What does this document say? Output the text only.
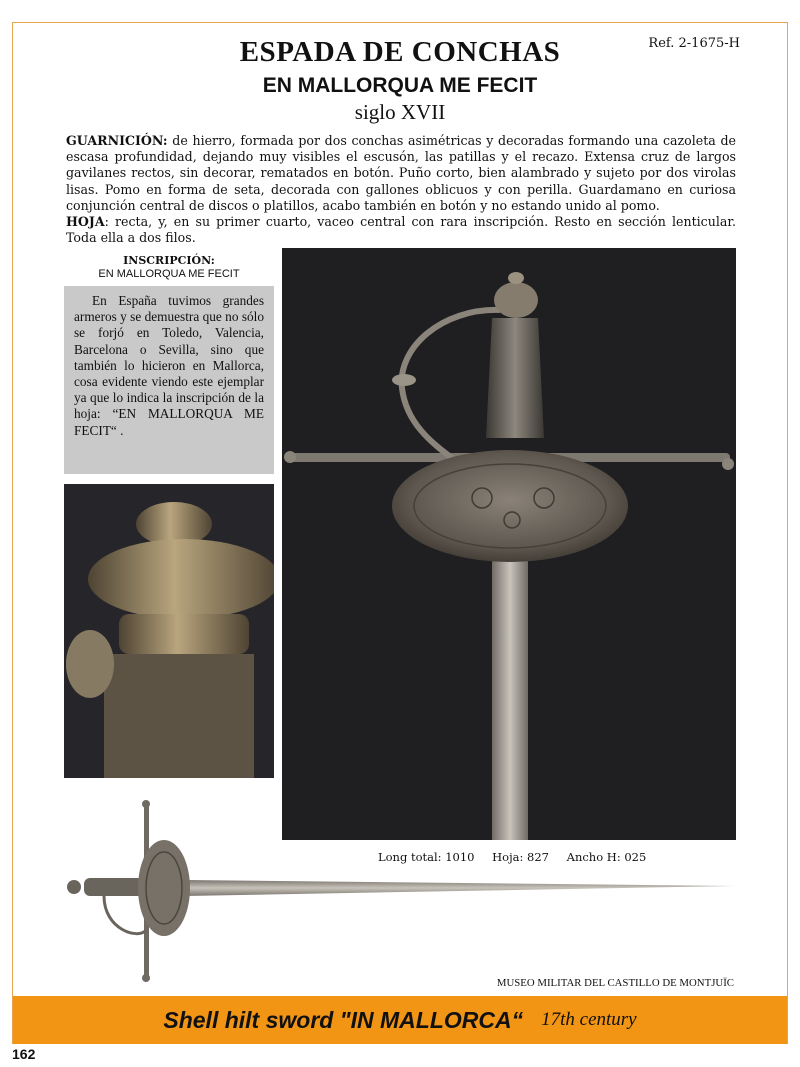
Ref. 2-1675-H
ESPADA DE CONCHAS
EN MALLORQUA ME FECIT
siglo XVII
GUARNICIÓN: de hierro, formada por dos conchas asimétricas y decoradas formando una cazoleta de escasa profundidad, dejando muy visibles el escusón, las patillas y el recazo. Extensa cruz de largos gavilanes rectos, sin decorar, rematados en botón. Puño corto, bien alambrado y sujeto por dos virolas lisas. Pomo en forma de seta, decorada con gallones oblicuos y con perilla. Guardamano en curiosa conjunción central de discos o platillos, acabo también en botón y no estando unido al pomo.
HOJA: recta, y, en su primer cuarto, vaceo central con rara inscripción. Resto en sección lenticular. Toda ella a dos filos.
INSCRIPCIÓN:
EN MALLORQUA ME FECIT
En España tuvimos grandes armeros y se demuestra que no sólo se forjó en Toledo, Valencia, Barcelona o Sevilla, sino que también lo hicieron en Mallorca, cosa evidente viendo este ejemplar ya que lo indica la inscripción de la hoja: “EN MALLORQUA ME FECIT“ .
Long total: 1010 Hoja: 827 Ancho H: 025
MUSEO MILITAR DEL CASTILLO DE MONTJUÏC
Shell hilt sword "IN MALLORCA“ 17th century
162
